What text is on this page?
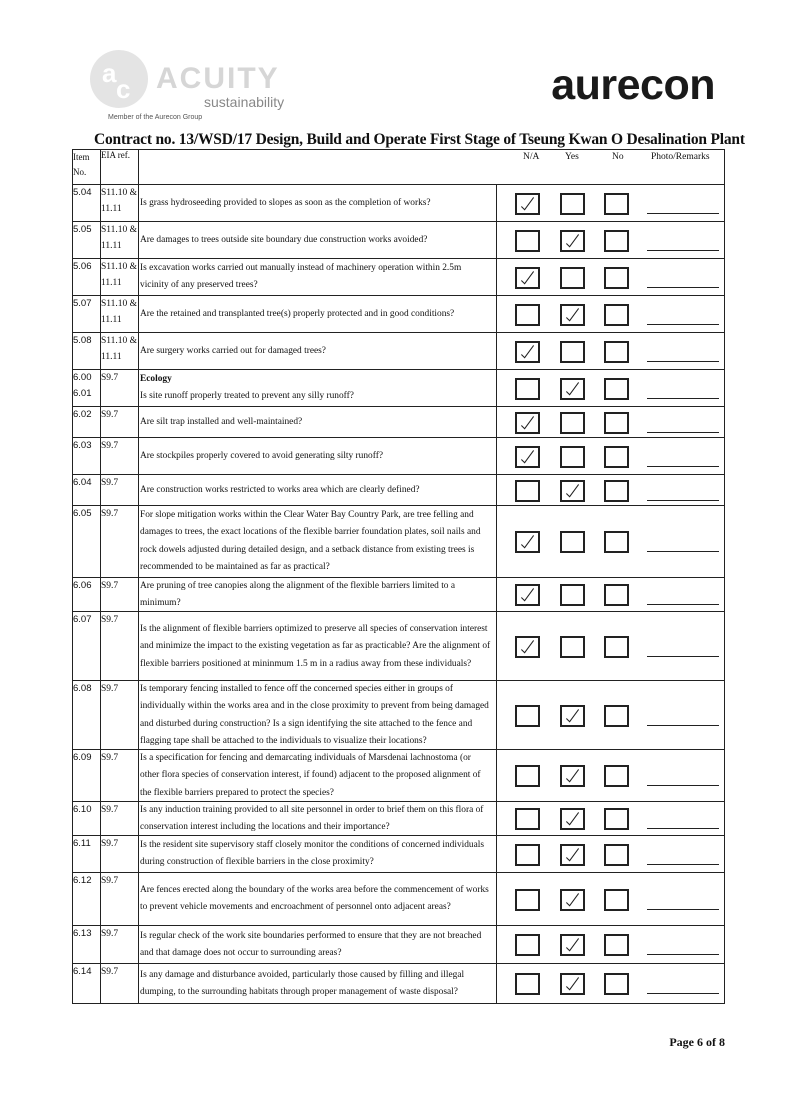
a
c ACUITY
sustainability
Member of the Aurecon Group
aurecon
Contract no. 13/WSD/17 Design, Build and Operate First Stage of Tseung Kwan O Desalination Plant
Item No.	EIA ref.	N/A Yes No Photo/Remarks	

5.04	S11.10 & 11.11	Is grass hydroseeding provided to slopes as soon as the completion of works?

5.05	S11.10 & 11.11	Are damages to trees outside site boundary due construction works avoided?

5.06	S11.10 & 11.11	Is excavation works carried out manually instead of machinery operation within 2.5m vicinity of any preserved trees?

5.07	S11.10 & 11.11	Are the retained and transplanted tree(s) properly protected and in good conditions?

5.08	S11.10 & 11.11	Are surgery works carried out for damaged trees?

6.00 6.01	S9.7	Ecology
Is site runoff properly treated to prevent any silly runoff?

6.02	S9.7	Are silt trap installed and well-maintained?

6.03	S9.7	Are stockpiles properly covered to avoid generating silty runoff?

6.04	S9.7	Are construction works restricted to works area which are clearly defined?

6.05	S9.7	For slope mitigation works within the Clear Water Bay Country Park, are tree felling and damages to trees, the exact locations of the flexible barrier foundation plates, soil nails and rock dowels adjusted during detailed design, and a setback distance from existing trees is recommended to be maintained as far as practical?

6.06	S9.7	Are pruning of tree canopies along the alignment of the flexible barriers limited to a minimum?

6.07	S9.7	Is the alignment of flexible barriers optimized to preserve all species of conservation interest and minimize the impact to the existing vegetation as far as practicable? Are the alignment of flexible barriers positioned at mininmum 1.5 m in a radius away from these individuals?

6.08	S9.7	Is temporary fencing installed to fence off the concerned species either in groups of individually within the works area and in the close proximity to prevent from being damaged and disturbed during construction? Is a sign identifying the site attached to the fence and flagging tape shall be attached to the individuals to visualize their locations?

6.09	S9.7	Is a specification for fencing and demarcating individuals of Marsdenai lachnostoma (or other flora species of conservation interest, if found) adjacent to the proposed alignment of the flexible barriers prepared to protect the species?

6.10	S9.7	Is any induction training provided to all site personnel in order to brief them on this flora of conservation interest including the locations and their importance?

6.11	S9.7	Is the resident site supervisory staff closely monitor the conditions of concerned individuals during construction of flexible barriers in the close proximity?

6.12	S9.7	Are fences erected along the boundary of the works area before the commencement of works to prevent vehicle movements and encroachment of personnel onto adjacent areas?

6.13	S9.7	Is regular check of the work site boundaries performed to ensure that they are not breached and that damage does not occur to surrounding areas?

6.14	S9.7	Is any damage and disturbance avoided, particularly those caused by filling and illegal dumping, to the surrounding habitats through proper management of waste disposal?

Page 6 of 8
